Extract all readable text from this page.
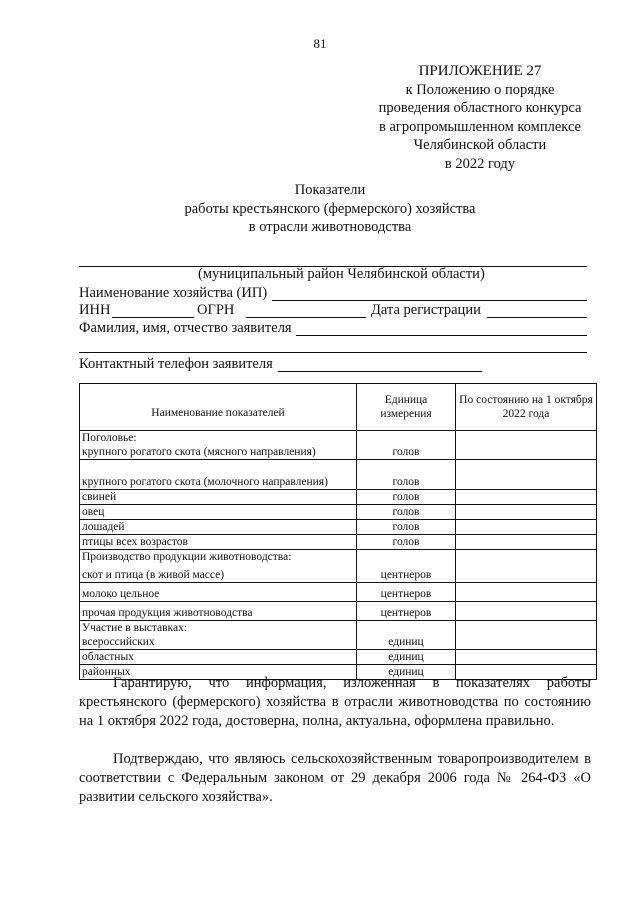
81
ПРИЛОЖЕНИЕ 27
к Положению о порядке
проведения областного конкурса
в агропромышленном комплексе
Челябинской области
в 2022 году
Показатели
работы крестьянского (фермерского) хозяйства
в отрасли животноводства
(муниципальный район Челябинской области)
Наименование хозяйства (ИП)
ИНН	ОГРН	Дата регистрации
Фамилия, имя, отчество заявителя
Контактный телефон заявителя
Наименование показателей	Единица измерения	По состоянию на 1 октября 2022 года
Поголовье:		
крупного рогатого скота (мясного направления)	голов	
крупного рогатого скота (молочного направления)	голов	
свиней	голов	
овец	голов	
лошадей	голов	
птицы всех возрастов	голов	
Производство продукции животноводства:		
скот и птица (в живой массе)	центнеров	
молоко цельное	центнеров	
прочая продукция животноводства	центнеров	
Участие в выставках:		
всероссийских	единиц	
областных	единиц	
районных	единиц	
Гарантирую, что информация, изложенная в показателях работы крестьянского (фермерского) хозяйства в отрасли животноводства по состоянию на 1 октября 2022 года, достоверна, полна, актуальна, оформлена правильно.
Подтверждаю, что являюсь сельскохозяйственным товаропроизводителем в соответствии с Федеральным законом от 29 декабря 2006 года № 264-ФЗ «О развитии сельского хозяйства».
